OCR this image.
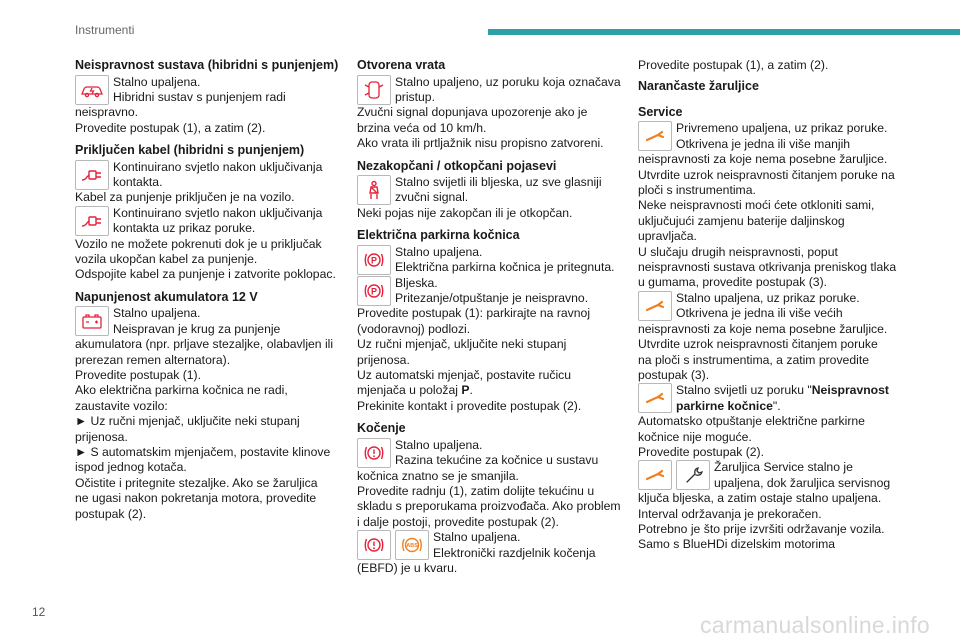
Instrumenti
Neispravnost sustava (hibridni s punjenjem)
Stalno upaljena.
Hibridni sustav s punjenjem radi
neispravno.
Provedite postupak (1), a zatim (2).
Priključen kabel (hibridni s punjenjem)
Kontinuirano svjetlo nakon uključivanja
kontakta.
Kabel za punjenje priključen je na vozilo.
Kontinuirano svjetlo nakon uključivanja
kontakta uz prikaz poruke.
Vozilo ne možete pokrenuti dok je u priključak
vozila ukopčan kabel za punjenje.
Odspojite kabel za punjenje i zatvorite poklopac.
Napunjenost akumulatora 12 V
Stalno upaljena.
Neispravan je krug za punjenje
akumulatora (npr. prljave stezaljke, olabavljen ili
prerezan remen alternatora).
Provedite postupak (1).
Ako električna parkirna kočnica ne radi,
zaustavite vozilo:
► Uz ručni mjenjač, uključite neki stupanj
prijenosa.
► S automatskim mjenjačem, postavite klinove
ispod jednog kotača.
Očistite i pritegnite stezaljke. Ako se žaruljica
ne ugasi nakon pokretanja motora, provedite
postupak (2).
Otvorena vrata
Stalno upaljeno, uz poruku koja označava
pristup.
Zvučni signal dopunjava upozorenje ako je
brzina veća od 10 km/h.
Ako vrata ili prtljažnik nisu propisno zatvoreni.
Nezakopčani / otkopčani pojasevi
Stalno svijetli ili bljeska, uz sve glasniji
zvučni signal.
Neki pojas nije zakopčan ili je otkopčan.
Električna parkirna kočnica
P
Stalno upaljena.
Električna parkirna kočnica je pritegnuta.
P
Bljeska.
Pritezanje/otpuštanje je neispravno.
Provedite postupak (1): parkirajte na ravnoj
(vodoravnoj) podlozi.
Uz ručni mjenjač, uključite neki stupanj
prijenosa.
Uz automatski mjenjač, postavite ručicu
mjenjača u položaj P.
Prekinite kontakt i provedite postupak (2).
Kočenje
Stalno upaljena.
Razina tekućine za kočnice u sustavu
kočnica znatno se je smanjila.
Provedite radnju (1), zatim dolijte tekućinu u
skladu s preporukama proizvođača. Ako problem
i dalje postoji, provedite postupak (2).
ABS
Stalno upaljena.
Elektronički razdjelnik kočenja
(EBFD) je u kvaru.
Provedite postupak (1), a zatim (2).
Narančaste žaruljice
Service
Privremeno upaljena, uz prikaz poruke.
Otkrivena je jedna ili više manjih
neispravnosti za koje nema posebne žaruljice.
Utvrdite uzrok neispravnosti čitanjem poruke na
ploči s instrumentima.
Neke neispravnosti moći ćete otkloniti sami,
uključujući zamjenu baterije daljinskog
upravljača.
U slučaju drugih neispravnosti, poput
neispravnosti sustava otkrivanja preniskog tlaka
u gumama, provedite postupak (3).
Stalno upaljena, uz prikaz poruke.
Otkrivena je jedna ili više većih
neispravnosti za koje nema posebne žaruljice.
Utvrdite uzrok neispravnosti čitanjem poruke
na ploči s instrumentima, a zatim provedite
postupak (3).
Stalno svijetli uz poruku "Neispravnost
parkirne kočnice".
Automatsko otpuštanje električne parkirne
kočnice nije moguće.
Provedite postupak (2).
Žaruljica Service stalno je
upaljena, dok žaruljica servisnog
ključa bljeska, a zatim ostaje stalno upaljena.
Interval održavanja je prekoračen.
Potrebno je što prije izvršiti održavanje vozila.
Samo s BlueHDi dizelskim motorima
12	carmanualsonline.info
